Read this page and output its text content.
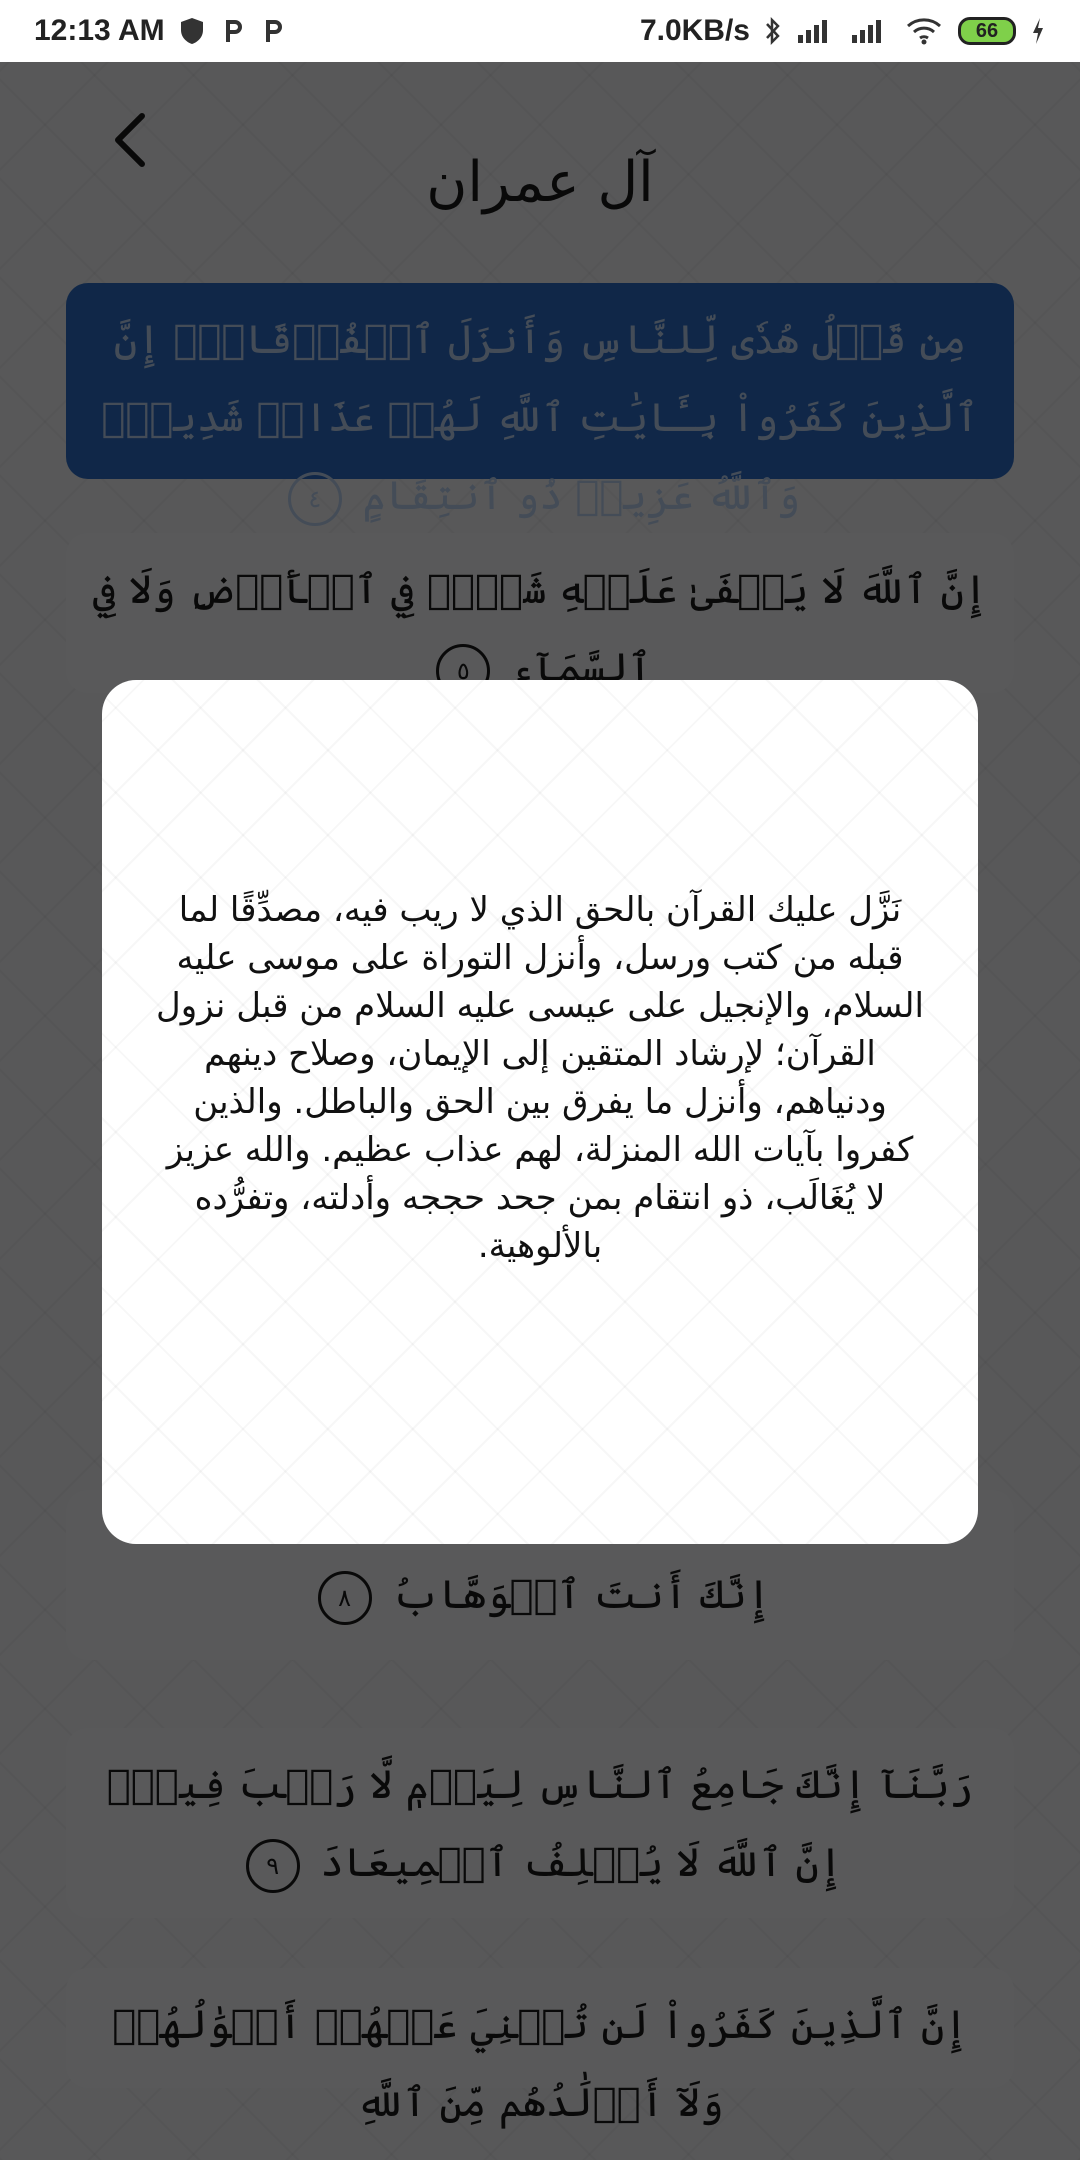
12:13 AM	7.0KB/s	66
نَزَّل عليك القرآن بالحق الذي لا ريب فيه، مصدِّقًا لما قبله من كتب ورسل، وأنزل التوراة على موسى عليه السلام، والإنجيل على عيسى عليه السلام من قبل نزول القرآن؛ لإرشاد المتقين إلى الإيمان، وصلاح دينهم ودنياهم، وأنزل ما يفرق بين الحق والباطل. والذين كفروا بآيات الله المنزلة، لهم عذاب عظيم. والله عزيز لا يُغَالَب، ذو انتقام بمن جحد حججه وأدلته، وتفرُّده بالألوهية.
